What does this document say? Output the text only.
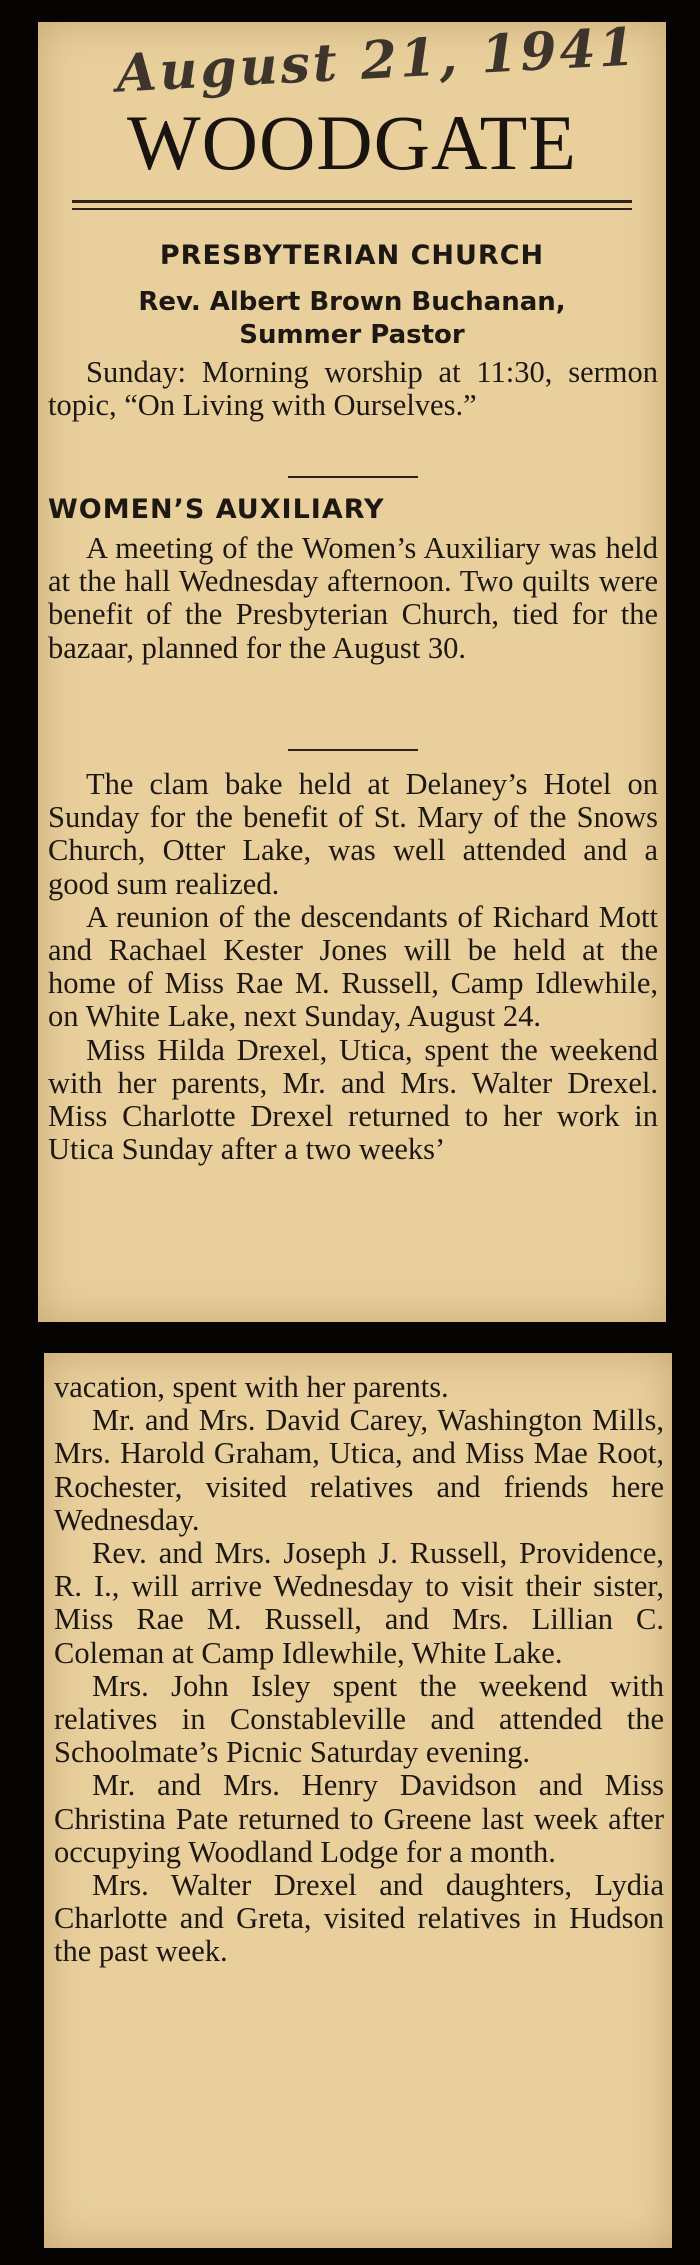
August 21, 1941
WOODGATE
PRESBYTERIAN CHURCH
Rev. Albert Brown Buchanan,
Summer Pastor

Sunday: Morning worship at 11:30, sermon topic, “On Living with Ourselves.”

WOMEN’S AUXILIARY

A meeting of the Women’s Auxiliary was held at the hall Wednesday afternoon. Two quilts were benefit of the Presbyterian Church, tied for the bazaar, planned for the August 30.

The clam bake held at Delaney’s Hotel on Sunday for the benefit of St. Mary of the Snows Church, Otter Lake, was well attended and a good sum realized.

A reunion of the descendants of Richard Mott and Rachael Kester Jones will be held at the home of Miss Rae M. Russell, Camp Idlewhile, on White Lake, next Sunday, August 24.

Miss Hilda Drexel, Utica, spent the weekend with her parents, Mr. and Mrs. Walter Drexel. Miss Charlotte Drexel returned to her work in Utica Sunday after a two weeks’

vacation, spent with her parents.

Mr. and Mrs. David Carey, Washington Mills, Mrs. Harold Graham, Utica, and Miss Mae Root, Rochester, visited relatives and friends here Wednesday.

Rev. and Mrs. Joseph J. Russell, Providence, R. I., will arrive Wednesday to visit their sister, Miss Rae M. Russell, and Mrs. Lillian C. Coleman at Camp Idlewhile, White Lake.

Mrs. John Isley spent the weekend with relatives in Constableville and attended the Schoolmate’s Picnic Saturday evening.

Mr. and Mrs. Henry Davidson and Miss Christina Pate returned to Greene last week after occupying Woodland Lodge for a month.

Mrs. Walter Drexel and daughters, Lydia Charlotte and Greta, visited relatives in Hudson the past week.
